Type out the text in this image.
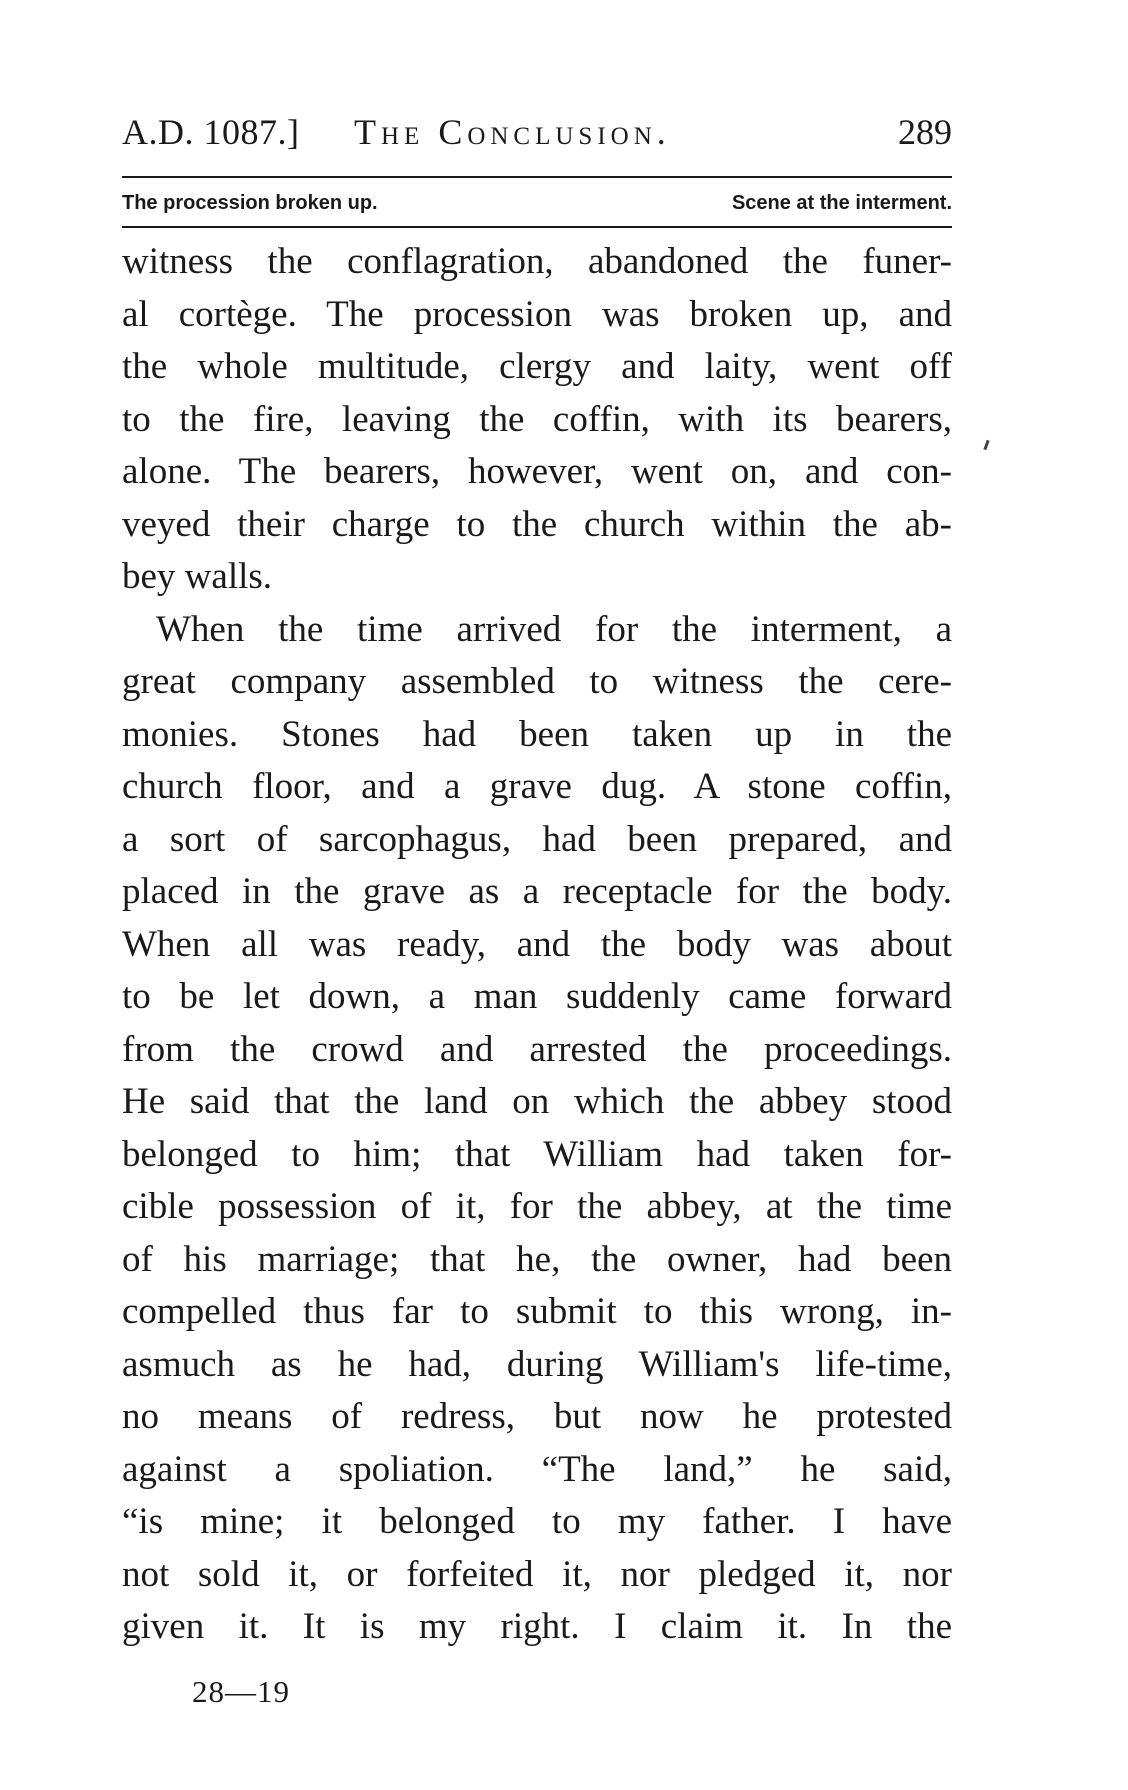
A.D. 1087.] The Conclusion.	289
The procession broken up.	Scene at the interment.
witness the conflagration, abandoned the funer-
al cortège. The procession was broken up, and
the whole multitude, clergy and laity, went off
to the fire, leaving the coffin, with its bearers,
alone. The bearers, however, went on, and con-
veyed their charge to the church within the ab-
bey walls.
When the time arrived for the interment, a
great company assembled to witness the cere-
monies. Stones had been taken up in the
church floor, and a grave dug. A stone coffin,
a sort of sarcophagus, had been prepared, and
placed in the grave as a receptacle for the body.
When all was ready, and the body was about
to be let down, a man suddenly came forward
from the crowd and arrested the proceedings.
He said that the land on which the abbey stood
belonged to him; that William had taken for-
cible possession of it, for the abbey, at the time
of his marriage; that he, the owner, had been
compelled thus far to submit to this wrong, in-
asmuch as he had, during William's life-time,
no means of redress, but now he protested
against a spoliation. “The land,” he said,
“is mine; it belonged to my father. I have
not sold it, or forfeited it, nor pledged it, nor
given it. It is my right. I claim it. In the
28—19
